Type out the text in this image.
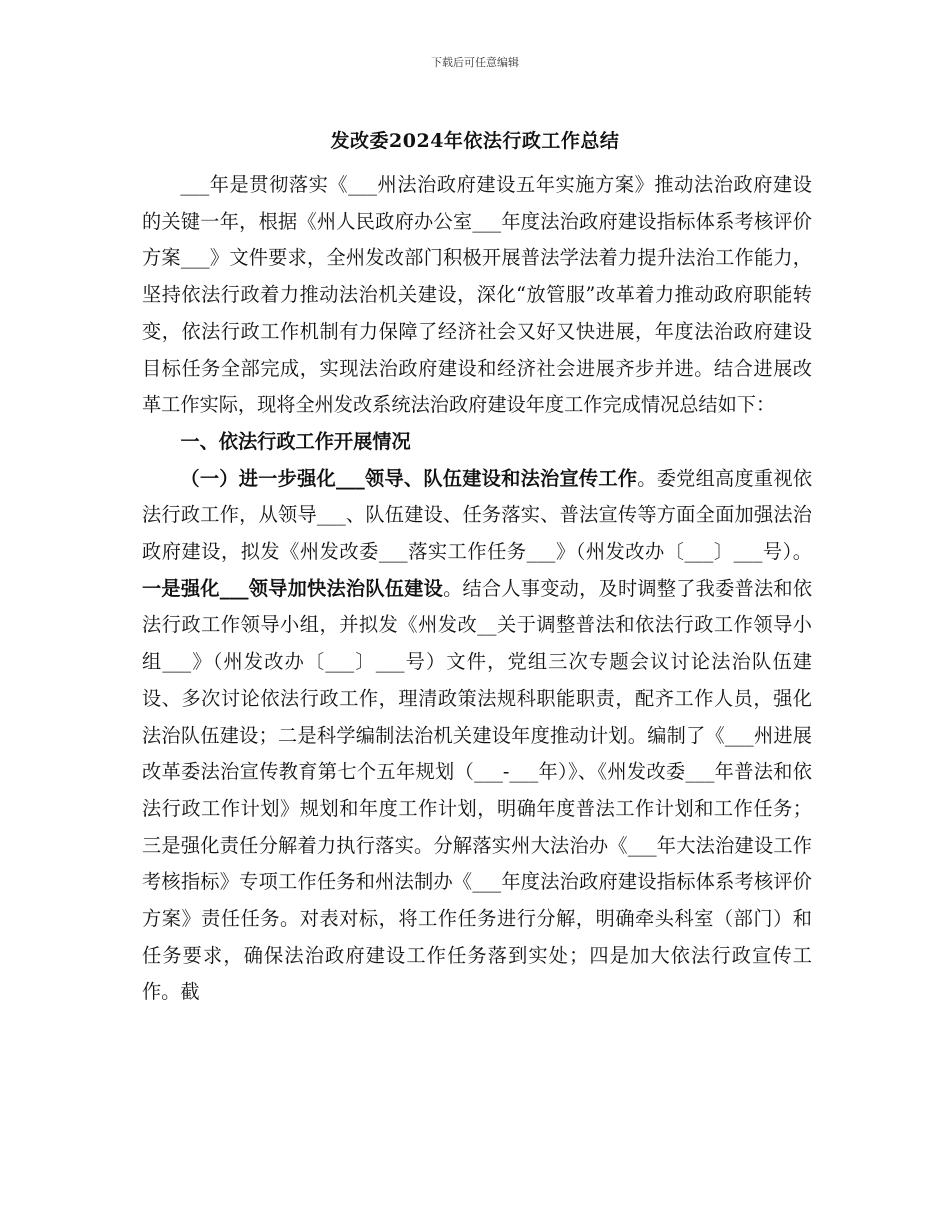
下载后可任意编辑
发改委2024年依法行政工作总结

___年是贯彻落实《___州法治政府建设五年实施方案》推动法治政府建设的关键一年，根据《州人民政府办公室___年度法治政府建设指标体系考核评价方案___》文件要求，全州发改部门积极开展普法学法着力提升法治工作能力，坚持依法行政着力推动法治机关建设，深化“放管服”改革着力推动政府职能转变，依法行政工作机制有力保障了经济社会又好又快进展，年度法治政府建设目标任务全部完成，实现法治政府建设和经济社会进展齐步并进。结合进展改革工作实际，现将全州发改系统法治政府建设年度工作完成情况总结如下：

一、依法行政工作开展情况

（一）进一步强化___领导、队伍建设和法治宣传工作。委党组高度重视依法行政工作，从领导___、队伍建设、任务落实、普法宣传等方面全面加强法治政府建设，拟发《州发改委___落实工作任务___》（州发改办〔___〕___号）。一是强化___领导加快法治队伍建设。结合人事变动，及时调整了我委普法和依法行政工作领导小组，并拟发《州发改__关于调整普法和依法行政工作领导小组___》（州发改办〔___〕___号）文件，党组三次专题会议讨论法治队伍建设、多次讨论依法行政工作，理清政策法规科职能职责，配齐工作人员，强化法治队伍建设；二是科学编制法治机关建设年度推动计划。编制了《___州进展改革委法治宣传教育第七个五年规划（___-___年）》、《州发改委___年普法和依法行政工作计划》规划和年度工作计划，明确年度普法工作计划和工作任务；三是强化责任分解着力执行落实。分解落实州大法治办《___年大法治建设工作考核指标》专项工作任务和州法制办《___年度法治政府建设指标体系考核评价方案》责任任务。对表对标，将工作任务进行分解，明确牵头科室（部门）和任务要求，确保法治政府建设工作任务落到实处；四是加大依法行政宣传工作。截
